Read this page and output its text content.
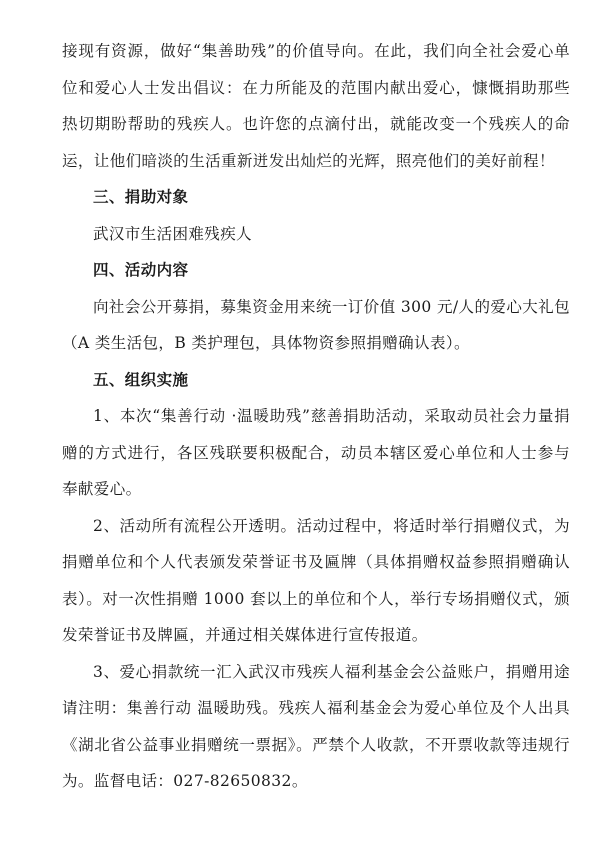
接现有资源，做好“集善助残”的价值导向。在此，我们向全社会爱心单位和爱心人士发出倡议：在力所能及的范围内献出爱心，慷慨捐助那些热切期盼帮助的残疾人。也许您的点滴付出，就能改变一个残疾人的命运，让他们暗淡的生活重新迸发出灿烂的光辉，照亮他们的美好前程！

三、捐助对象

武汉市生活困难残疾人

四、活动内容

向社会公开募捐，募集资金用来统一订价值 300 元/人的爱心大礼包（A 类生活包，B 类护理包，具体物资参照捐赠确认表）。

五、组织实施

1、本次“集善行动 ·温暖助残”慈善捐助活动，采取动员社会力量捐赠的方式进行，各区残联要积极配合，动员本辖区爱心单位和人士参与奉献爱心。

2、活动所有流程公开透明。活动过程中，将适时举行捐赠仪式，为捐赠单位和个人代表颁发荣誉证书及匾牌（具体捐赠权益参照捐赠确认表）。对一次性捐赠 1000 套以上的单位和个人，举行专场捐赠仪式，颁发荣誉证书及牌匾，并通过相关媒体进行宣传报道。

3、爱心捐款统一汇入武汉市残疾人福利基金会公益账户，捐赠用途请注明：集善行动 温暖助残。残疾人福利基金会为爱心单位及个人出具《湖北省公益事业捐赠统一票据》。严禁个人收款，不开票收款等违规行为。监督电话：027-82650832。
